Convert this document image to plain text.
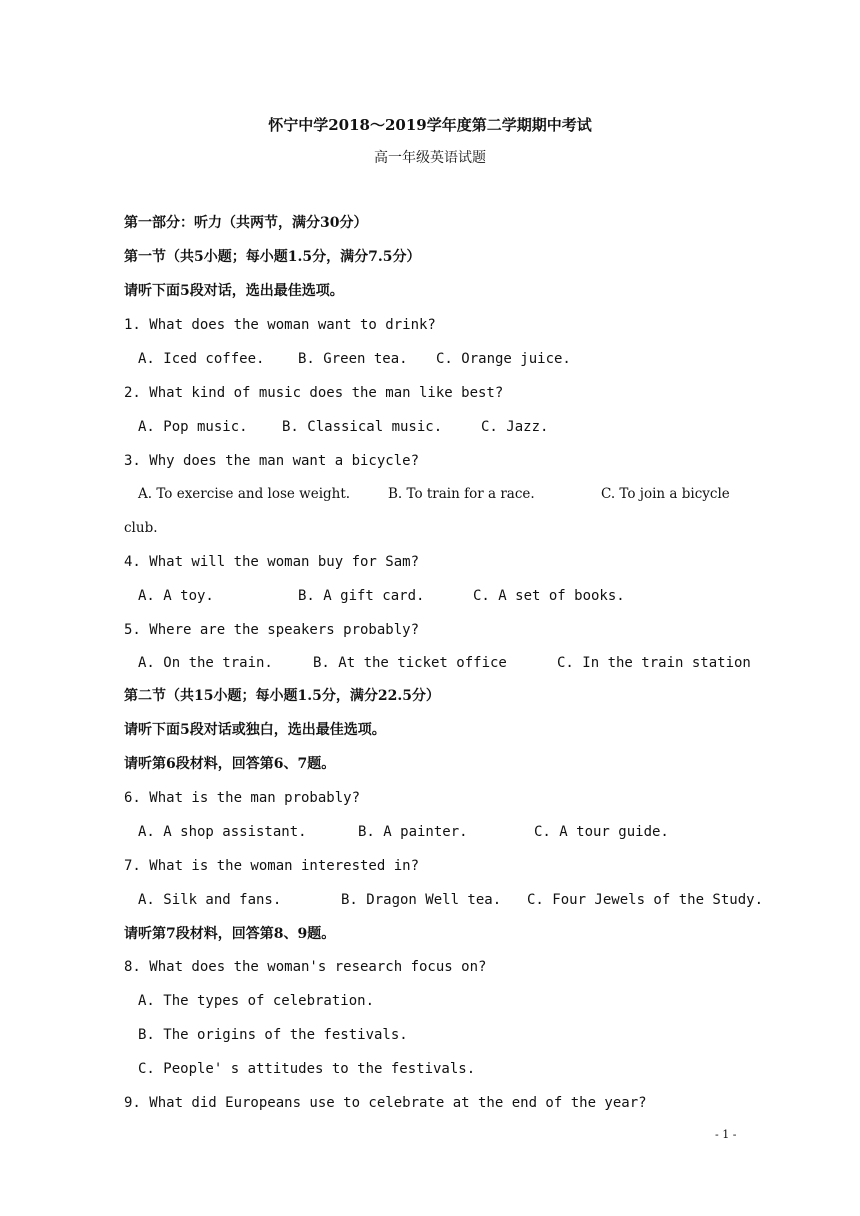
怀宁中学2018～2019学年度第二学期期中考试
高一年级英语试题
第一部分：听力（共两节，满分30分）
第一节（共5小题；每小题1.5分，满分7.5分）
请听下面5段对话，选出最佳选项。
1. What does the woman want to drink?
A. Iced coffee. B. Green tea. C. Orange juice.
2. What kind of music does the man like best?
A. Pop music. B. Classical music.	C. Jazz.
3. Why does the man want a bicycle?
A. To exercise and lose weight.	B. To train for a race.	C. To join a bicycle
club.
4. What will the woman buy for Sam?
A. A toy.	B. A gift card.	C. A set of books.
5. Where are the speakers probably?
A. On the train.	B. At the ticket office	C. In the train station
第二节（共15小题；每小题1.5分，满分22.5分）
请听下面5段对话或独白，选出最佳选项。
请听第6段材料，回答第6、7题。
6. What is the man probably?
A. A shop assistant.	B. A painter.	C. A tour guide.
7. What is the woman interested in?
A. Silk and fans.	B. Dragon Well tea. C. Four Jewels of the Study.
请听第7段材料，回答第8、9题。
8. What does the woman's research focus on?
A. The types of celebration.
B. The origins of the festivals.
C. People' s attitudes to the festivals.
9. What did Europeans use to celebrate at the end of the year?
- 1 -
